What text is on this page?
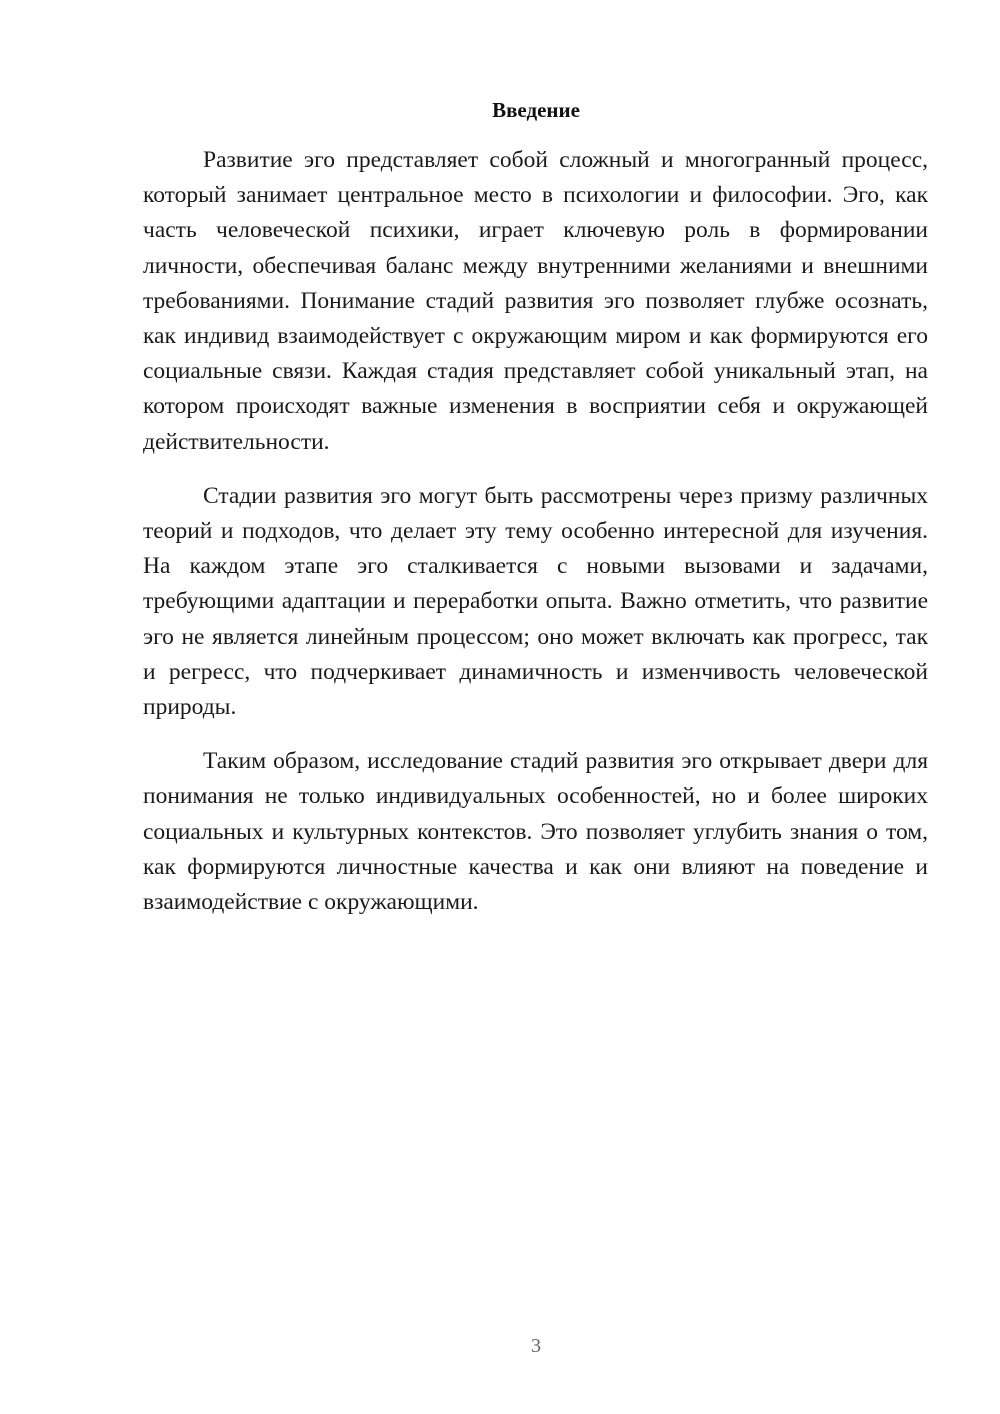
Введение

Развитие эго представляет собой сложный и многогранный процесс, который занимает центральное место в психологии и философии. Эго, как часть человеческой психики, играет ключевую роль в формировании личности, обеспечивая баланс между внутренними желаниями и внешними требованиями. Понимание стадий развития эго позволяет глубже осознать, как индивид взаимодействует с окружающим миром и как формируются его социальные связи. Каждая стадия представляет собой уникальный этап, на котором происходят важные изменения в восприятии себя и окружающей действительности.

Стадии развития эго могут быть рассмотрены через призму различных теорий и подходов, что делает эту тему особенно интересной для изучения. На каждом этапе эго сталкивается с новыми вызовами и задачами, требующими адаптации и переработки опыта. Важно отметить, что развитие эго не является линейным процессом; оно может включать как прогресс, так и регресс, что подчеркивает динамичность и изменчивость человеческой природы.

Таким образом, исследование стадий развития эго открывает двери для понимания не только индивидуальных особенностей, но и более широких социальных и культурных контекстов. Это позволяет углубить знания о том, как формируются личностные качества и как они влияют на поведение и взаимодействие с окружающими.

3
